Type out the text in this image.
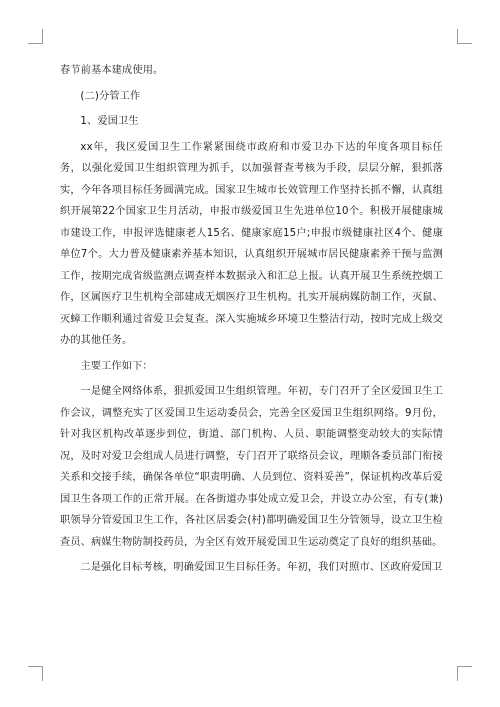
春节前基本建成使用。

(二)分管工作

1、爱国卫生

xx年，我区爱国卫生工作紧紧围绕市政府和市爱卫办下达的年度各项目标任务，以强化爱国卫生组织管理为抓手，以加强督查考核为手段，层层分解，狠抓落实，今年各项目标任务圆满完成。国家卫生城市长效管理工作坚持长抓不懈，认真组织开展第22个国家卫生月活动，申报市级爱国卫生先进单位10个。积极开展健康城市建设工作，申报评选健康老人15名、健康家庭15户;申报市级健康社区4个、健康单位7个。大力普及健康素养基本知识，认真组织开展城市居民健康素养干预与监测工作，按期完成省级监测点调查样本数据录入和汇总上报。认真开展卫生系统控烟工作，区属医疗卫生机构全部建成无烟医疗卫生机构。扎实开展病媒防制工作，灭鼠、灭蟑工作顺利通过省爱卫会复查。深入实施城乡环境卫生整洁行动，按时完成上级交办的其他任务。

主要工作如下：

一是健全网络体系，狠抓爱国卫生组织管理。年初，专门召开了全区爱国卫生工作会议，调整充实了区爱国卫生运动委员会，完善全区爱国卫生组织网络。9月份，针对我区机构改革逐步到位，街道、部门机构、人员、职能调整变动较大的实际情况，及时对爱卫会组成人员进行调整，专门召开了联络员会议，理顺各委员部门衔接关系和交接手续，确保各单位“职责明确、人员到位、资料妥善”，保证机构改革后爱国卫生各项工作的正常开展。在各街道办事处成立爱卫会，并设立办公室，有专(兼)职领导分管爱国卫生工作，各社区居委会(村)都明确爱国卫生分管领导，设立卫生检查员、病媒生物防制投药员，为全区有效开展爱国卫生运动奠定了良好的组织基础。

二是强化目标考核，明确爱国卫生目标任务。年初，我们对照市、区政府爱国卫
